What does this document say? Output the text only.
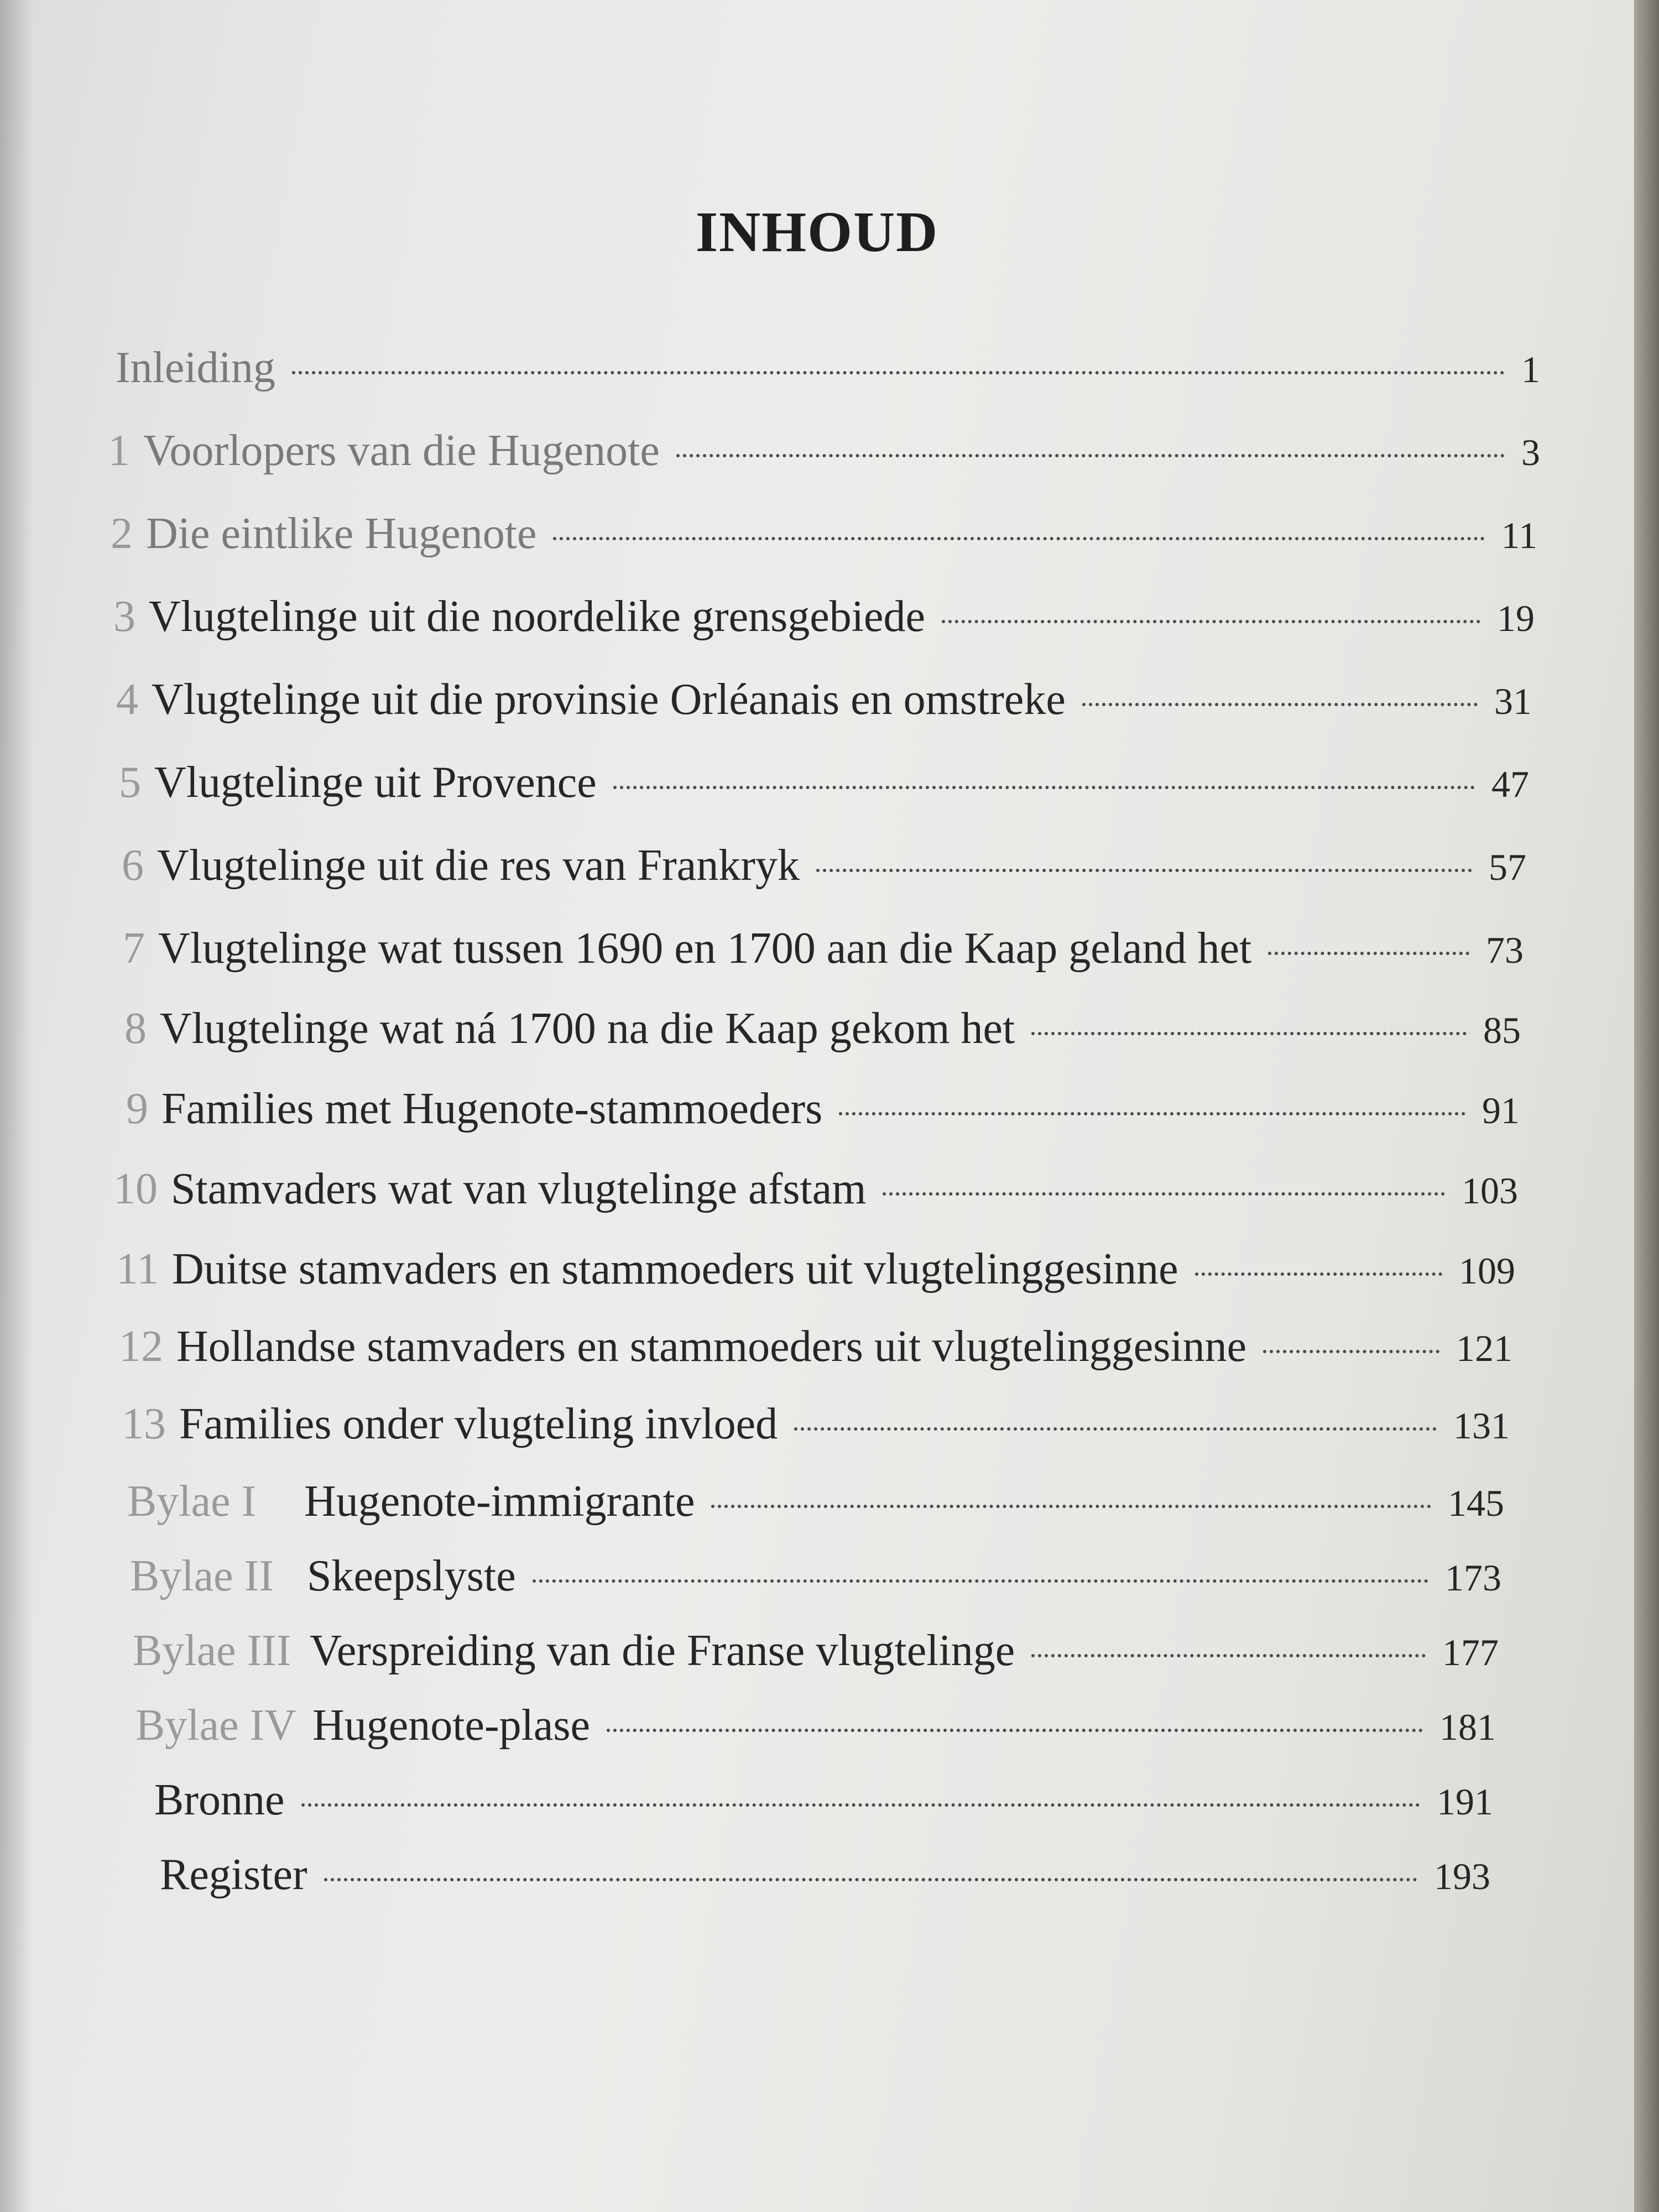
INHOUD
Inleiding	1
1 Voorlopers van die Hugenote	3
2 Die eintlike Hugenote	11
3 Vlugtelinge uit die noordelike grensgebiede	19
4 Vlugtelinge uit die provinsie Orléanais en omstreke	31
5 Vlugtelinge uit Provence	47
6 Vlugtelinge uit die res van Frankryk	57
7 Vlugtelinge wat tussen 1690 en 1700 aan die Kaap geland het	73
8 Vlugtelinge wat ná 1700 na die Kaap gekom het	85
9 Families met Hugenote-stammoeders	91
10 Stamvaders wat van vlugtelinge afstam	103
11 Duitse stamvaders en stammoeders uit vlugtelinggesinne	109
12 Hollandse stamvaders en stammoeders uit vlugtelinggesinne	121
13 Families onder vlugteling invloed	131
Bylae I	Hugenote-immigrante	145
Bylae II Skeepslyste	173
Bylae III Verspreiding van die Franse vlugtelinge	177
Bylae IV Hugenote-plase	181
Bronne	191
Register	193
